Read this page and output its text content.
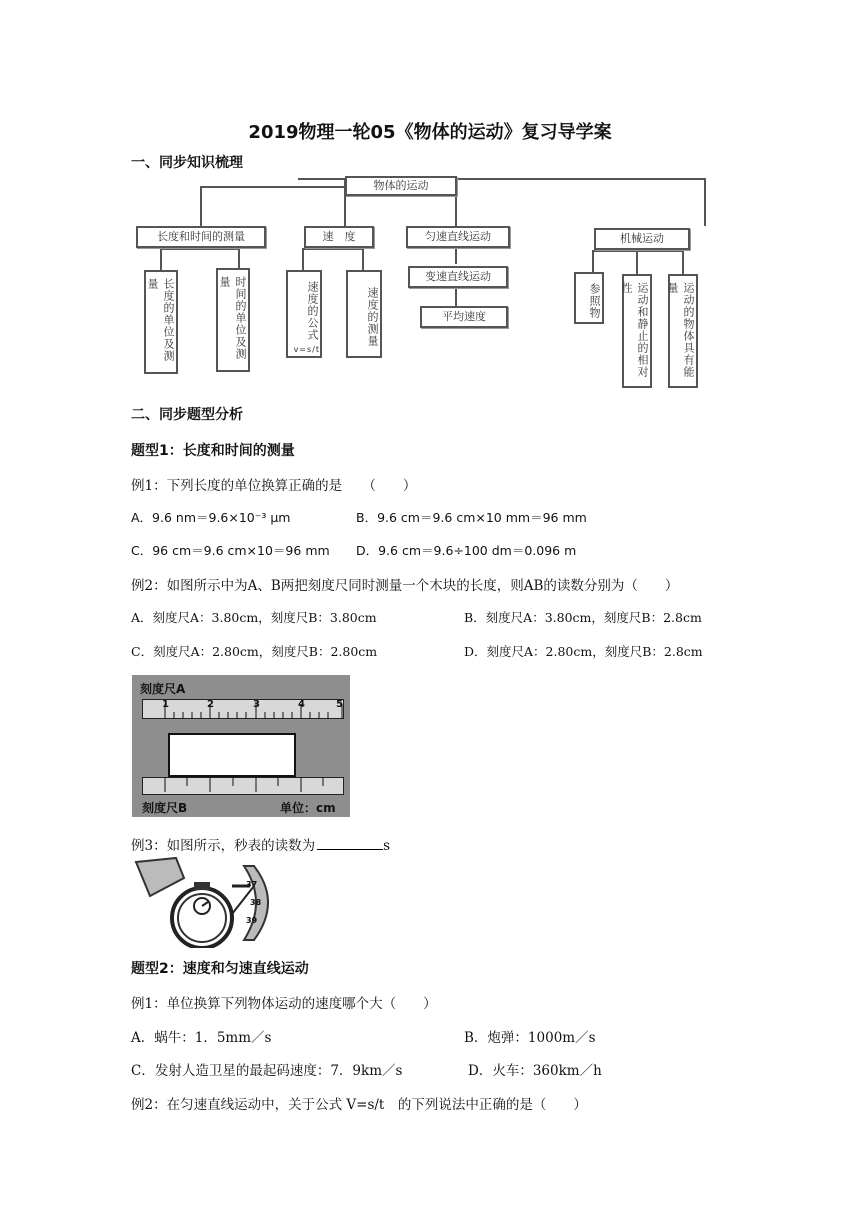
2019物理一轮05《物体的运动》复习导学案
一、同步知识梳理
物体的运动
长度和时间的测量	速　度	匀速直线运动	机械运动
长度的单位及测量	时间的单位及测量	速度的公式
v=s/t
速度的测量
变速直线运动
平均速度	参照物	运动和静止的相对性	运动的物体具有能量
二、同步题型分析
题型1：长度和时间的测量
例1：下列长度的单位换算正确的是　　（　　）
A．9.6 nm＝9.6×10⁻³ μm	B．9.6 cm＝9.6 cm×10 mm＝96 mm
C．96 cm＝9.6 cm×10＝96 mm D．9.6 cm＝9.6÷100 dm＝0.096 m
例2：如图所示中为A、B两把刻度尺同时测量一个木块的长度，则AB的读数分别为（　　）
A．刻度尺A：3.80cm，刻度尺B：3.80cm	B．刻度尺A：3.80cm，刻度尺B：2.8cm
C．刻度尺A：2.80cm，刻度尺B：2.80cm	D．刻度尺A：2.80cm，刻度尺B：2.8cm
刻度尺A
1	2	3	4	5
刻度尺B	单位：cm
例3：如图所示，秒表的读数为	s
37
38
39
题型2：速度和匀速直线运动
例1：单位换算下列物体运动的速度哪个大（　　）
A．蜗牛：1．5mm／s	B．炮弹：1000m／s
C．发射人造卫星的最起码速度：7．9km／s	D．火车：360km／h
例2：在匀速直线运动中，关于公式 V=s/t　的下列说法中正确的是（　　）
